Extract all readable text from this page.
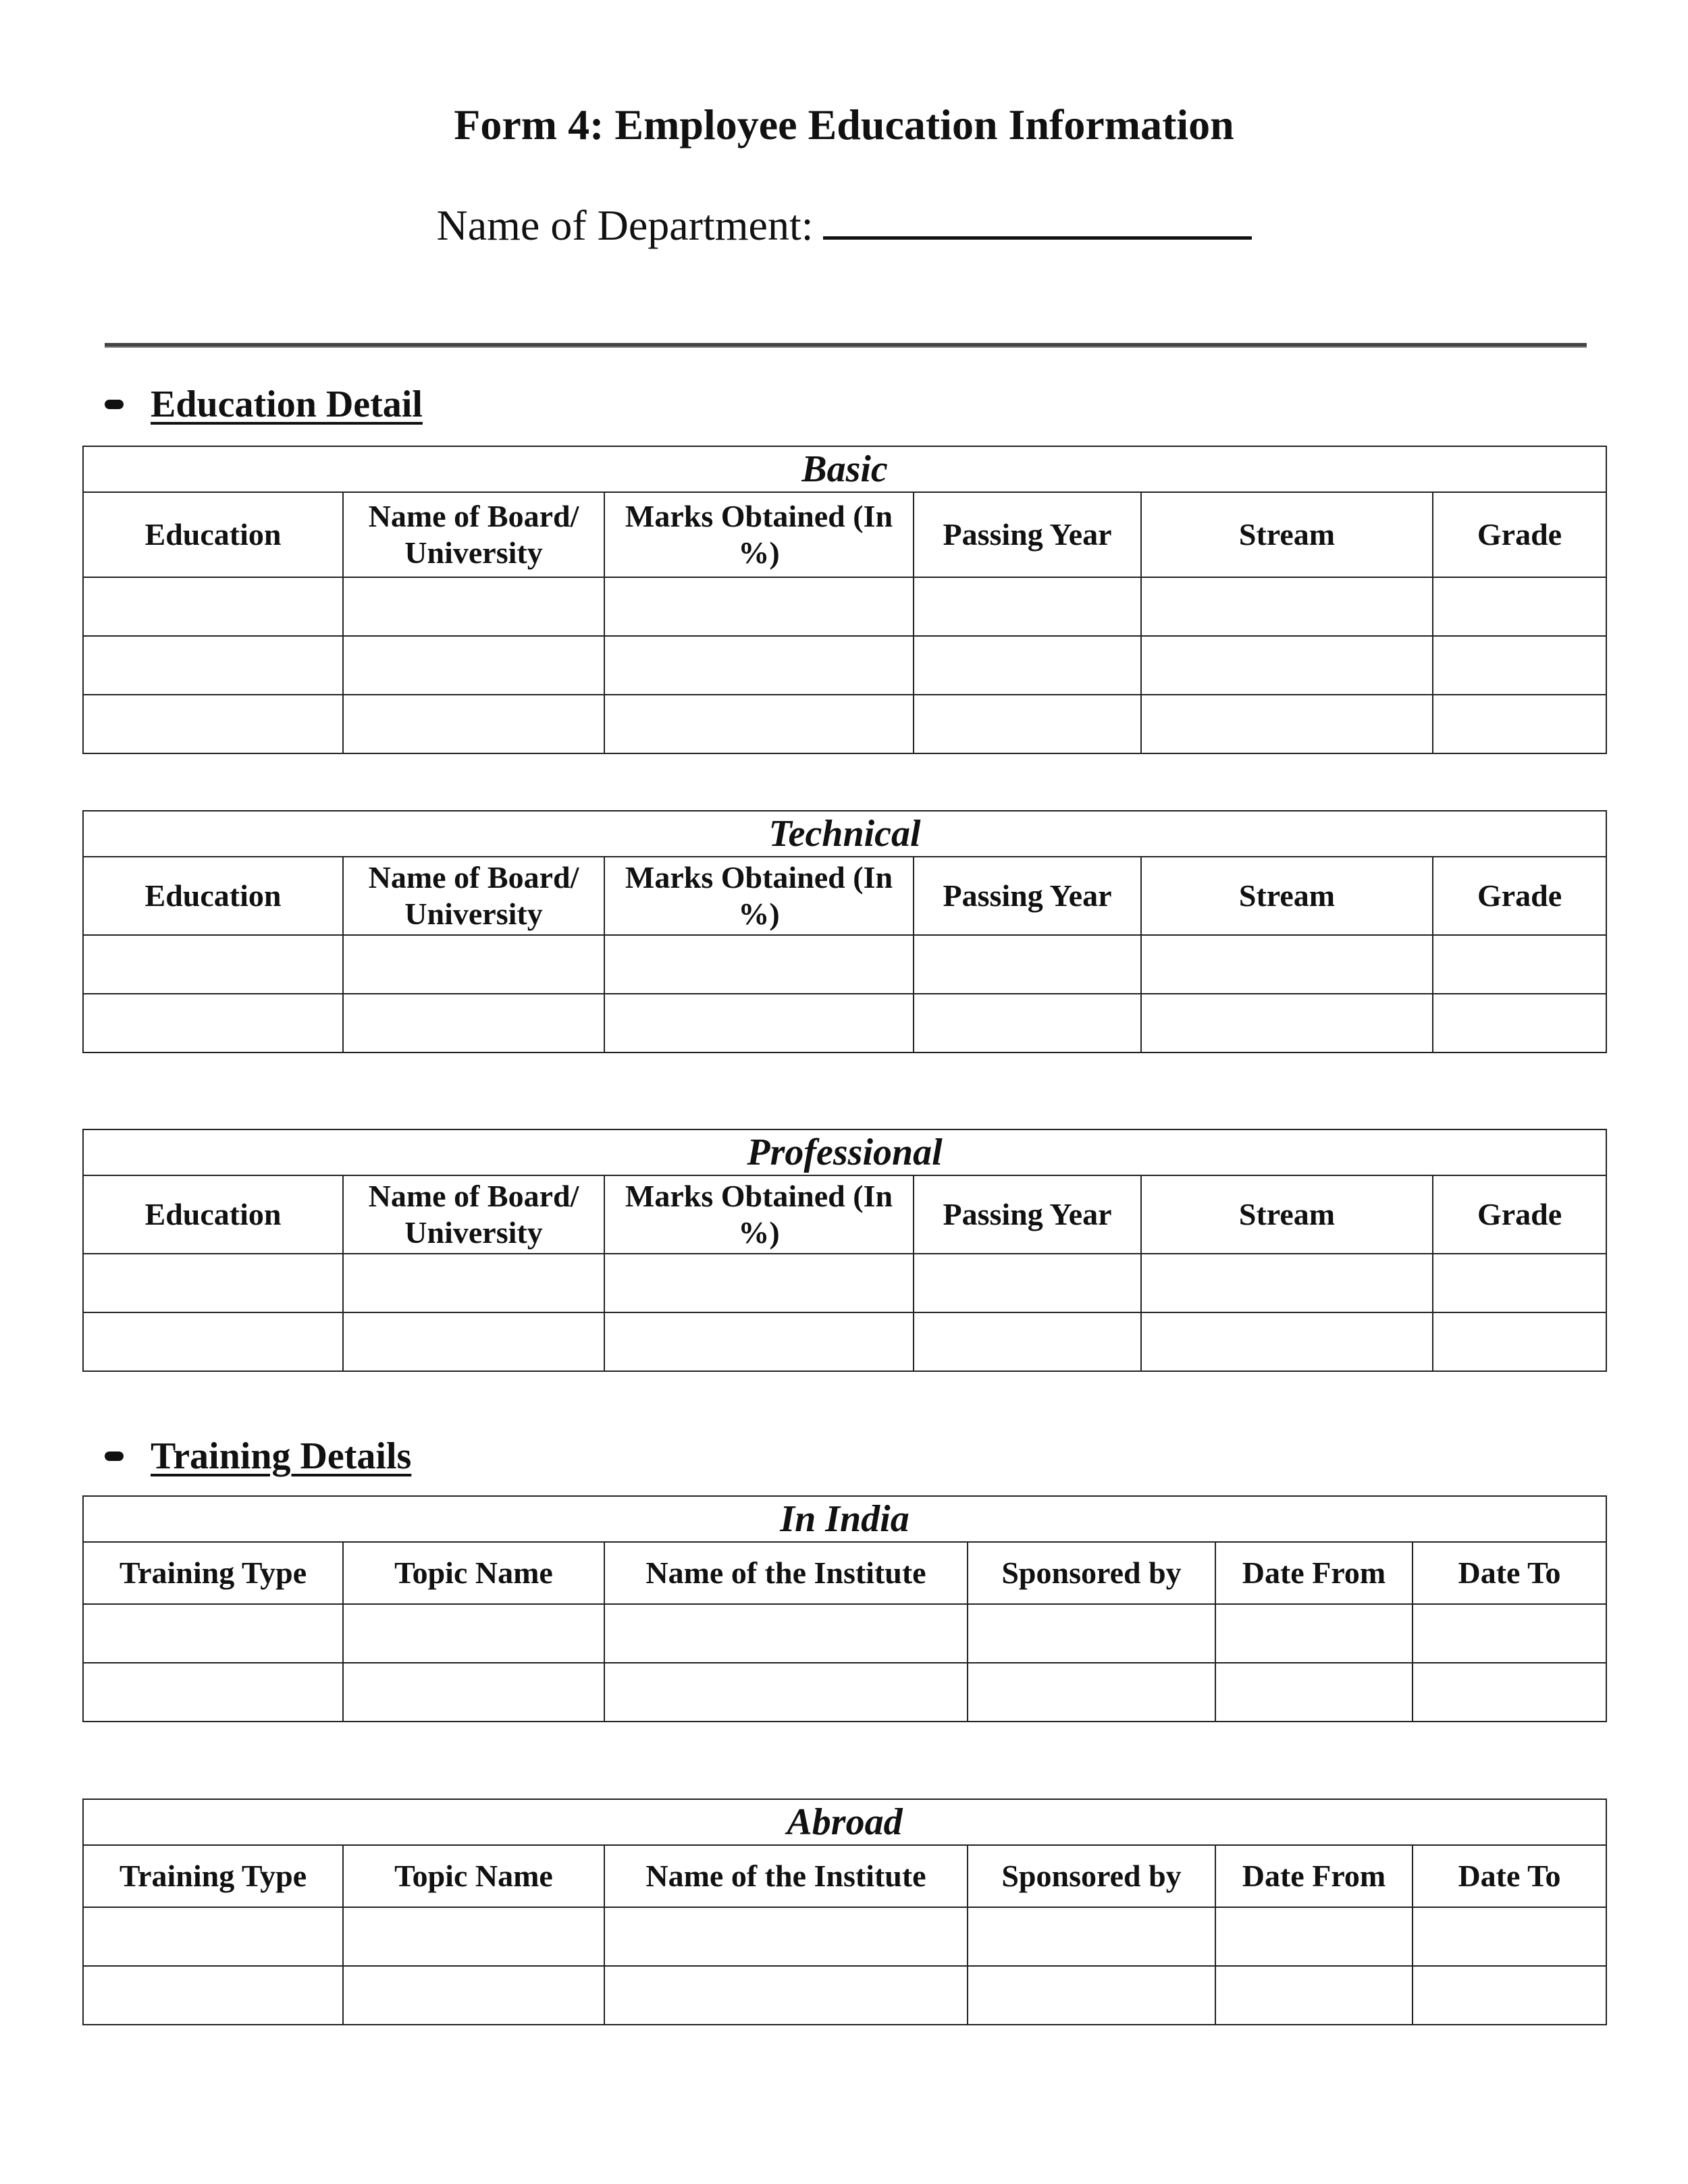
Form 4: Employee Education Information
Name of Department:
Education Detail
Training Details
Basic					
Education	Name of Board/ University	Marks Obtained (In %)	Passing Year	Stream	Grade

Technical					
Education	Name of Board/ University	Marks Obtained (In %)	Passing Year	Stream	Grade

Professional					
Education	Name of Board/ University	Marks Obtained (In %)	Passing Year	Stream	Grade

In India					
Training Type	Topic Name	Name of the Institute	Sponsored by	Date From	Date To

Abroad					
Training Type	Topic Name	Name of the Institute	Sponsored by	Date From	Date To
